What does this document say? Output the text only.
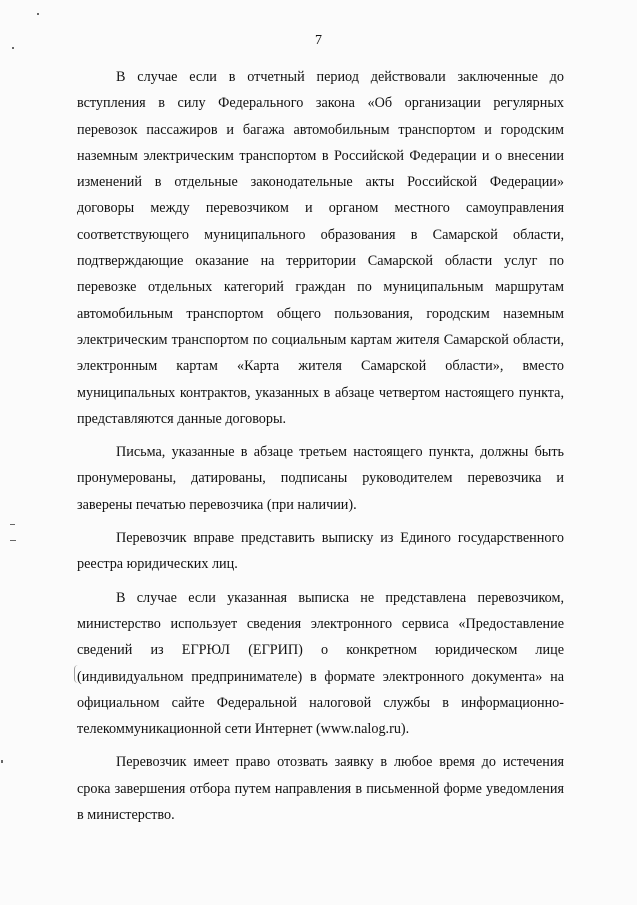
7

В случае если в отчетный период действовали заключенные до вступления в силу Федерального закона «Об организации регулярных перевозок пассажиров и багажа автомобильным транспортом и городским наземным электрическим транспортом в Российской Федерации и о внесении изменений в отдельные законодательные акты Российской Федерации» договоры между перевозчиком и органом местного самоуправления соответствующего муниципального образования в Самарской области, подтверждающие оказание на территории Самарской области услуг по перевозке отдельных категорий граждан по муниципальным маршрутам автомобильным транспортом общего пользования, городским наземным электрическим транспортом по социальным картам жителя Самарской области, электронным картам «Карта жителя Самарской области», вместо муниципальных контрактов, указанных в абзаце четвертом настоящего пункта, представляются данные договоры.

Письма, указанные в абзаце третьем настоящего пункта, должны быть пронумерованы, датированы, подписаны руководителем перевозчика и заверены печатью перевозчика (при наличии).

Перевозчик вправе представить выписку из Единого государственного реестра юридических лиц.

В случае если указанная выписка не представлена перевозчиком, министерство использует сведения электронного сервиса «Предоставление сведений из ЕГРЮЛ (ЕГРИП) о конкретном юридическом лице (индивидуальном предпринимателе) в формате электронного документа» на официальном сайте Федеральной налоговой службы в информационно-телекоммуникационной сети Интернет (www.nalog.ru).

Перевозчик имеет право отозвать заявку в любое время до истечения срока завершения отбора путем направления в письменной форме уведомления в министерство.
